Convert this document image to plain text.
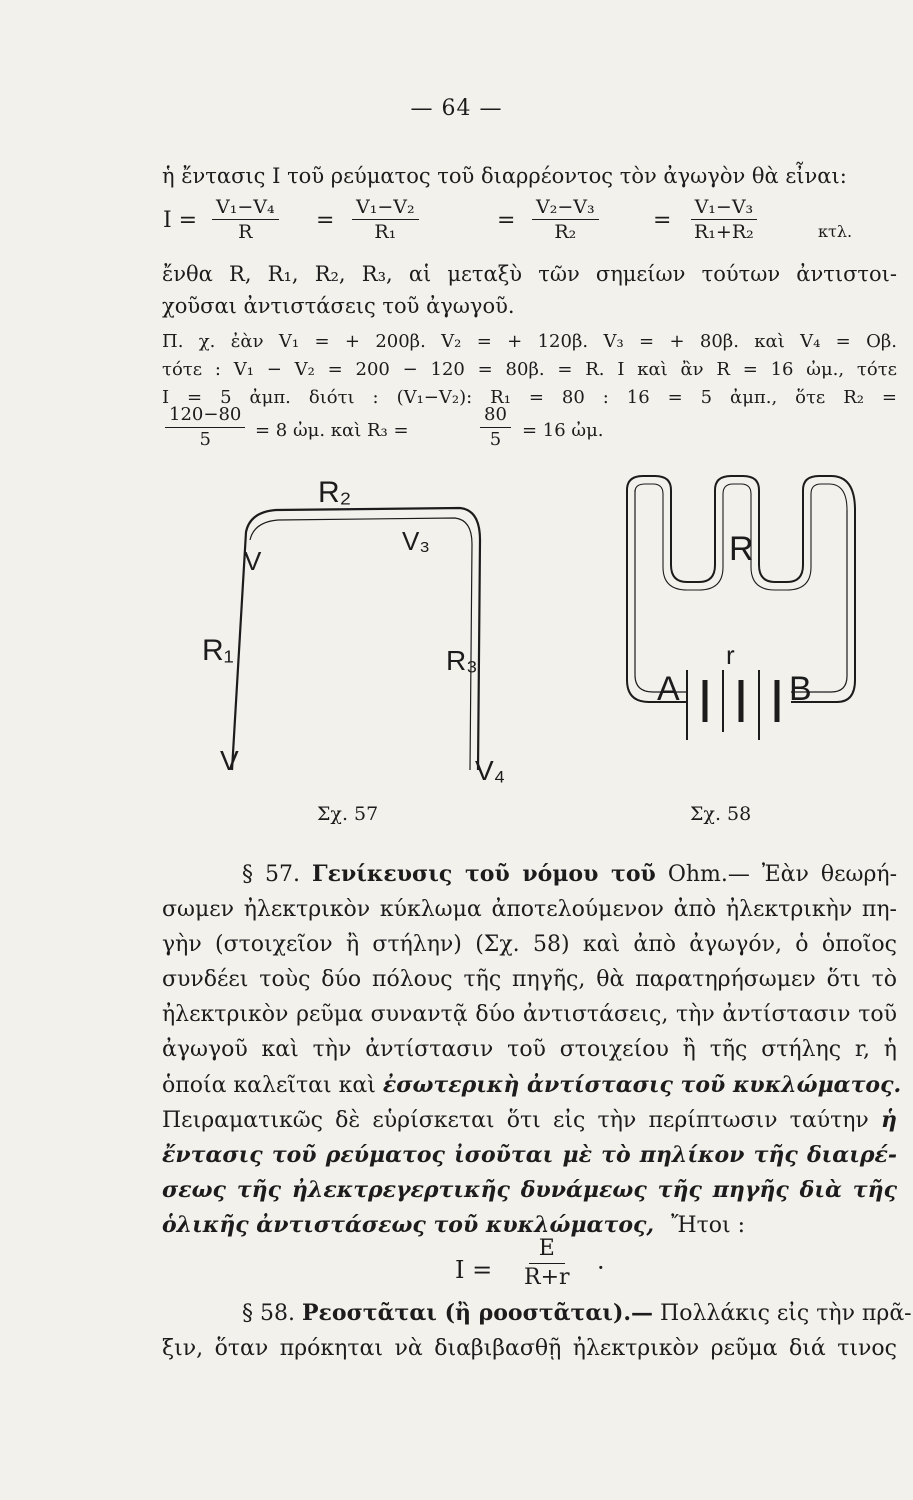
— 64 —
ἡ ἔντασις I τοῦ ρεύματος τοῦ διαρρέοντος τὸν ἀγωγὸν θὰ εἶναι:
$I = \frac{\text{V₁−V₄}}{R} = \frac{\text{V₁−V₂}}{\text{R₁}}$	= $\frac{\text{V₂−V₃}}{\text{R₂}} = \frac{\text{V₁−V₃}}{\text{R₁+R₂}}$	κτλ.
ἔνθα R, R₁, R₂, R₃, αἱ μεταξὺ τῶν σημείων τούτων ἀντιστοι-
χοῦσαι ἀντιστάσεις τοῦ ἀγωγοῦ.
Π. χ. ἐὰν V₁ = + 200β. V₂ = + 120β. V₃ = + 80β. καὶ V₄ = Oβ.
τότε : V₁ − V₂ = 200 − 120 = 80β. = R. I καὶ ἂν R = 16 ὠμ., τότε
I = 5 ἀμπ. διότι : (V₁−V₂): R₁ = 80 : 16 = 5 ἀμπ., ὅτε R₂ =
$\frac{120-80}{5} = 8$ ὠμ. καὶ R₃ =	$\frac{80}{5} = 16$ ὠμ.
R₂
V
V₃
R₁	R₃
V	V₄
Σχ. 57
R
r
A	B
Σχ. 58
§ 57. Γενίκευσις τοῦ νόμου τοῦ Ohm.— Ἐὰν θεωρή-
σωμεν ἠλεκτρικὸν κύκλωμα ἀποτελούμενον ἀπὸ ἠλεκτρικὴν πη-
γὴν (στοιχεῖον ἢ στήλην) (Σχ. 58) καὶ ἀπὸ ἀγωγόν, ὁ ὁποῖος
συνδέει τοὺς δύο πόλους τῆς πηγῆς, θὰ παρατηρήσωμεν ὅτι τὸ
ἠλεκτρικὸν ρεῦμα συναντᾷ δύο ἀντιστάσεις, τὴν ἀντίστασιν τοῦ
ἀγωγοῦ καὶ τὴν ἀντίστασιν τοῦ στοιχείου ἢ τῆς στήλης r, ἡ
ὁποία καλεῖται καὶ ἐσωτερικὴ ἀντίστασις τοῦ κυκλώματος.
Πειραματικῶς δὲ εὑρίσκεται ὅτι εἰς τὴν περίπτωσιν ταύτην ἡ
ἔντασις τοῦ ρεύματος ἰσοῦται μὲ τὸ πηλίκον τῆς διαιρέ-
σεως τῆς ἠλεκτρεγερτικῆς δυνάμεως τῆς πηγῆς διὰ τῆς
ὁλικῆς ἀντιστάσεως τοῦ κυκλώματος, Ἤτοι :
$I = \frac{E}{R+r}$ ·
§ 58. Ρεοστᾶται (ἢ ροοστᾶται).— Πολλάκις εἰς τὴν πρᾶ-
ξιν, ὅταν πρόκηται νὰ διαβιβασθῇ ἠλεκτρικὸν ρεῦμα διά τινος
